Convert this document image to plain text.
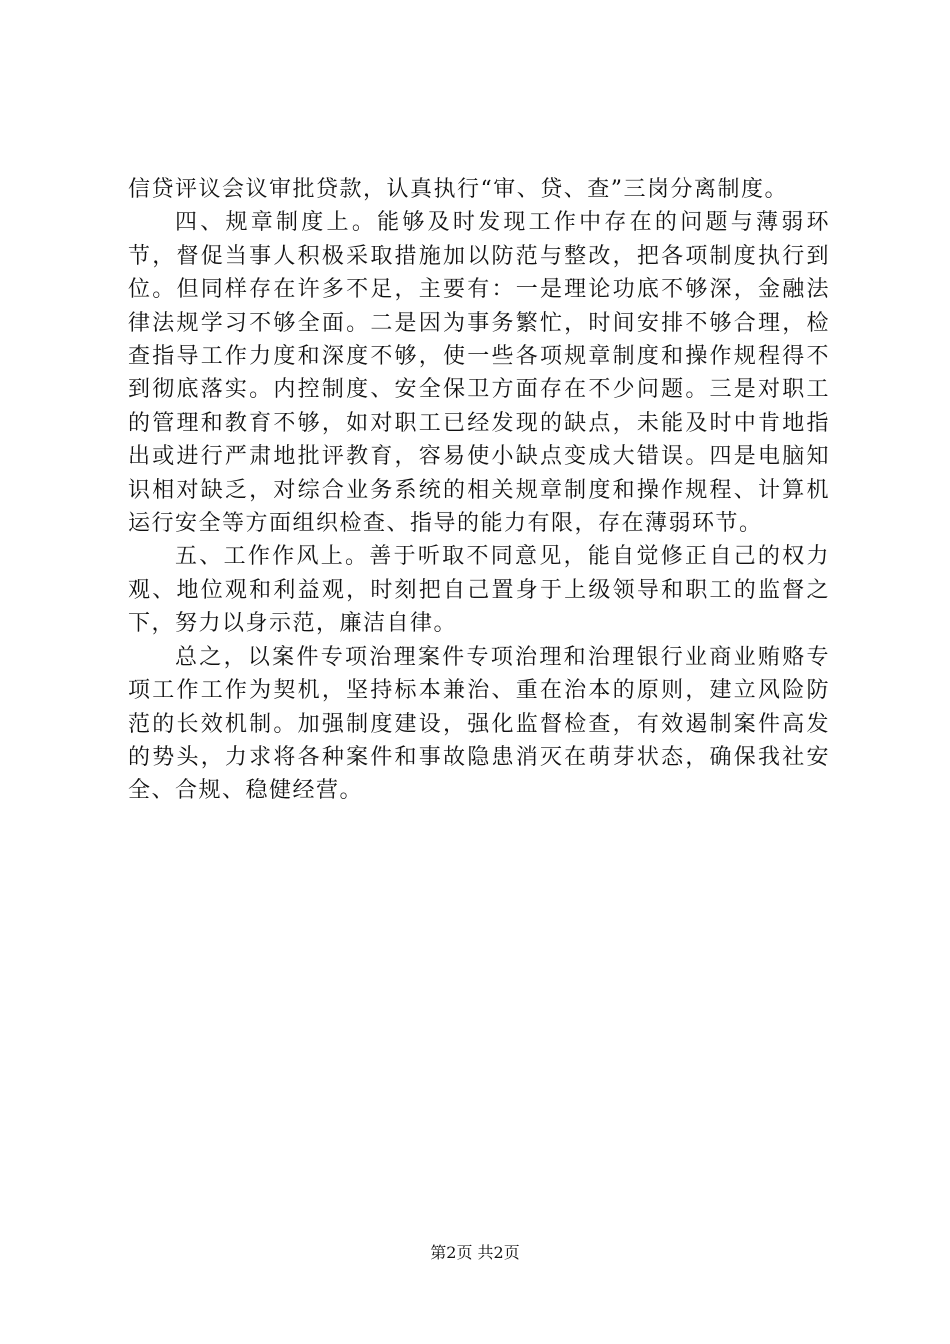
信贷评议会议审批贷款，认真执行“审、贷、查”三岗分离制度。

四、规章制度上。能够及时发现工作中存在的问题与薄弱环节，督促当事人积极采取措施加以防范与整改，把各项制度执行到位。但同样存在许多不足，主要有：一是理论功底不够深，金融法律法规学习不够全面。二是因为事务繁忙，时间安排不够合理，检查指导工作力度和深度不够，使一些各项规章制度和操作规程得不到彻底落实。内控制度、安全保卫方面存在不少问题。三是对职工的管理和教育不够，如对职工已经发现的缺点，未能及时中肯地指出或进行严肃地批评教育，容易使小缺点变成大错误。四是电脑知识相对缺乏，对综合业务系统的相关规章制度和操作规程、计算机运行安全等方面组织检查、指导的能力有限，存在薄弱环节。

五、工作作风上。善于听取不同意见，能自觉修正自己的权力观、地位观和利益观，时刻把自己置身于上级领导和职工的监督之下，努力以身示范，廉洁自律。

总之，以案件专项治理案件专项治理和治理银行业商业贿赂专项工作工作为契机，坚持标本兼治、重在治本的原则，建立风险防范的长效机制。加强制度建设，强化监督检查，有效遏制案件高发的势头，力求将各种案件和事故隐患消灭在萌芽状态，确保我社安全、合规、稳健经营。

第2页 共2页
